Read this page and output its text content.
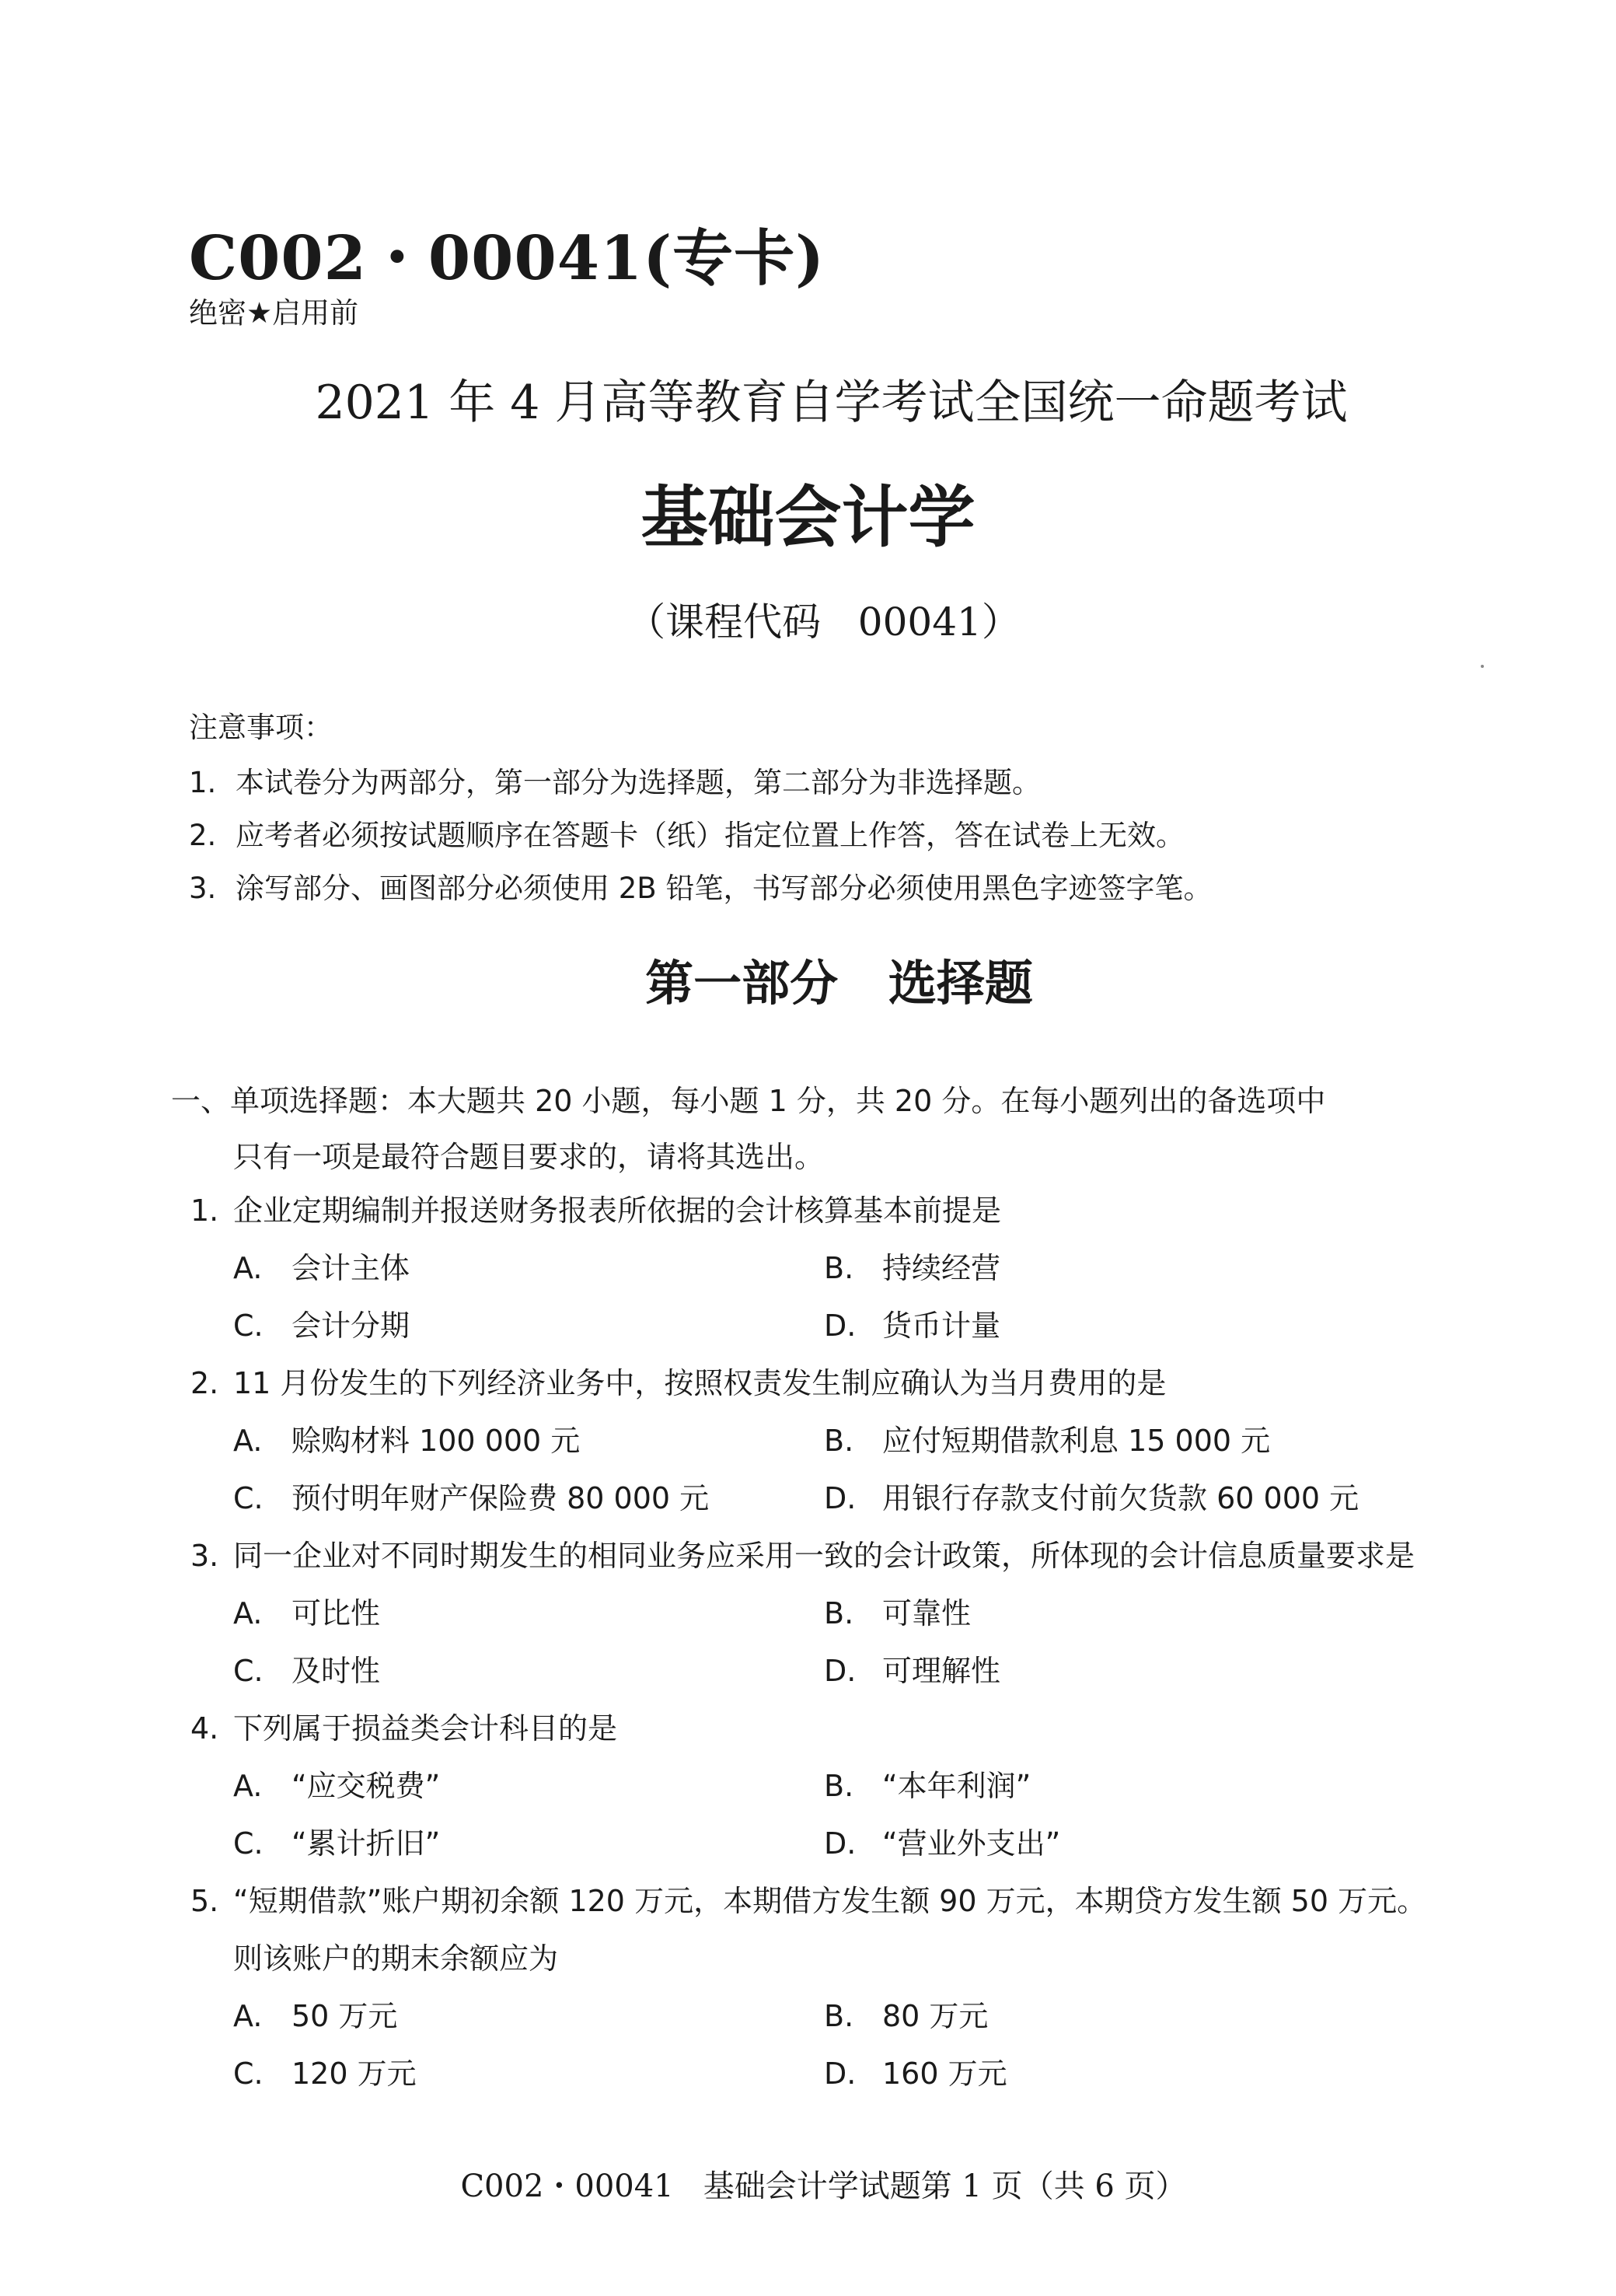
C002・00041(专卡)
绝密★启用前
2021 年 4 月高等教育自学考试全国统一命题考试
基础会计学
（课程代码   00041）
注意事项：
1. 本试卷分为两部分，第一部分为选择题，第二部分为非选择题。
2. 应考者必须按试题顺序在答题卡（纸）指定位置上作答，答在试卷上无效。
3. 涂写部分、画图部分必须使用 2B 铅笔，书写部分必须使用黑色字迹签字笔。
第一部分   选择题
一、单项选择题：本大题共 20 小题，每小题 1 分，共 20 分。在每小题列出的备选项中
只有一项是最符合题目要求的，请将其选出。
1. 企业定期编制并报送财务报表所依据的会计核算基本前提是
A. 会计主体	B. 持续经营
C. 会计分期	D. 货币计量
2. 11 月份发生的下列经济业务中，按照权责发生制应确认为当月费用的是
A. 赊购材料 100 000 元	B. 应付短期借款利息 15 000 元
C. 预付明年财产保险费 80 000 元	D. 用银行存款支付前欠货款 60 000 元
3. 同一企业对不同时期发生的相同业务应采用一致的会计政策，所体现的会计信息质量要求是
A. 可比性	B. 可靠性
C. 及时性	D. 可理解性
4. 下列属于损益类会计科目的是
A. “应交税费”	B. “本年利润”
C. “累计折旧”	D. “营业外支出”
5. “短期借款”账户期初余额 120 万元，本期借方发生额 90 万元，本期贷方发生额 50 万元。则该账户的期末余额应为
A. 50 万元	B. 80 万元
C. 120 万元	D. 160 万元
C002・00041   基础会计学试题第 1 页（共 6 页）
